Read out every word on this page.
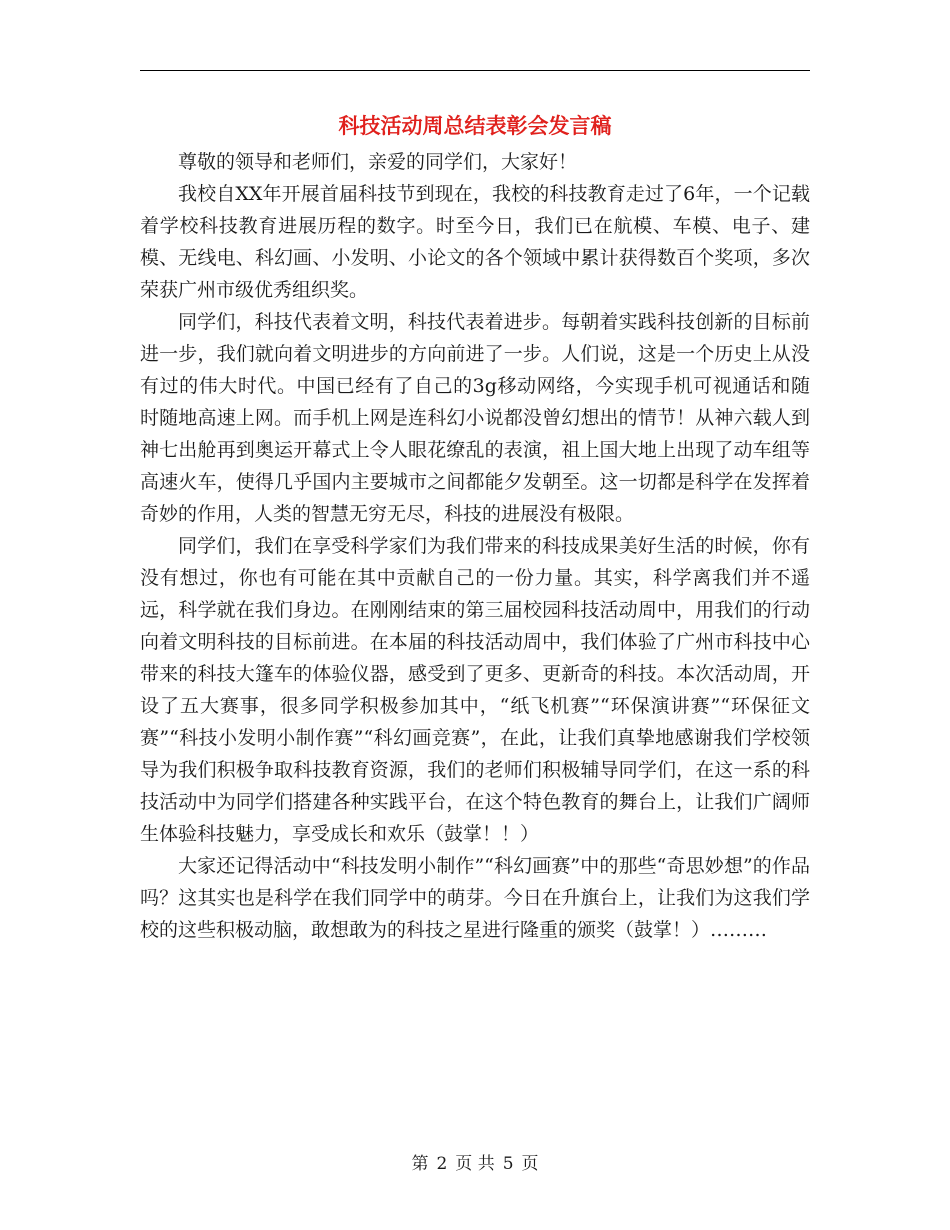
科技活动周总结表彰会发言稿

尊敬的领导和老师们，亲爱的同学们，大家好！

我校自XX年开展首届科技节到现在，我校的科技教育走过了6年，一个记载着学校科技教育进展历程的数字。时至今日，我们已在航模、车模、电子、建模、无线电、科幻画、小发明、小论文的各个领域中累计获得数百个奖项，多次荣获广州市级优秀组织奖。

同学们，科技代表着文明，科技代表着进步。每朝着实践科技创新的目标前进一步，我们就向着文明进步的方向前进了一步。人们说，这是一个历史上从没有过的伟大时代。中国已经有了自己的3g移动网络，今实现手机可视通话和随时随地高速上网。而手机上网是连科幻小说都没曾幻想出的情节！从神六载人到神七出舱再到奥运开幕式上令人眼花缭乱的表演，祖上国大地上出现了动车组等高速火车，使得几乎国内主要城市之间都能夕发朝至。这一切都是科学在发挥着奇妙的作用，人类的智慧无穷无尽，科技的进展没有极限。

同学们，我们在享受科学家们为我们带来的科技成果美好生活的时候，你有没有想过，你也有可能在其中贡献自己的一份力量。其实，科学离我们并不遥远，科学就在我们身边。在刚刚结束的第三届校园科技活动周中，用我们的行动向着文明科技的目标前进。在本届的科技活动周中，我们体验了广州市科技中心带来的科技大篷车的体验仪器，感受到了更多、更新奇的科技。本次活动周，开设了五大赛事，很多同学积极参加其中，“纸飞机赛”“环保演讲赛”“环保征文赛”“科技小发明小制作赛”“科幻画竞赛”，在此，让我们真挚地感谢我们学校领导为我们积极争取科技教育资源，我们的老师们积极辅导同学们，在这一系的科技活动中为同学们搭建各种实践平台，在这个特色教育的舞台上，让我们广阔师生体验科技魅力，享受成长和欢乐（鼓掌！！）

大家还记得活动中“科技发明小制作”“科幻画赛”中的那些“奇思妙想”的作品吗？这其实也是科学在我们同学中的萌芽。今日在升旗台上，让我们为这我们学校的这些积极动脑，敢想敢为的科技之星进行隆重的颁奖（鼓掌！）………

第 2 页 共 5 页
